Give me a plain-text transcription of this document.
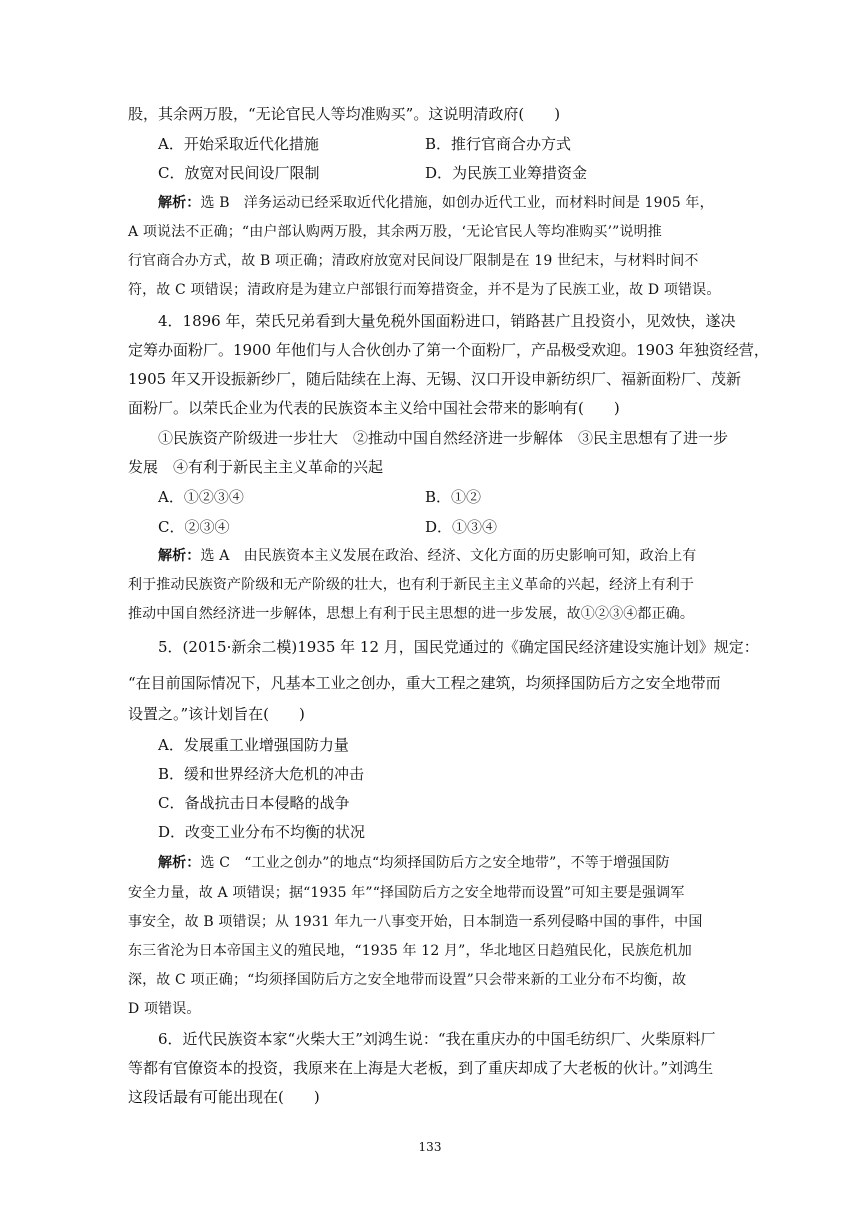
股，其余两万股，“无论官民人等均准购买”。这说明清政府(　　)
A．开始采取近代化措施	B．推行官商合办方式
C．放宽对民间设厂限制	D．为民族工业筹措资金
解析：选 B　洋务运动已经采取近代化措施，如创办近代工业，而材料时间是 1905 年，
A 项说法不正确；“由户部认购两万股，其余两万股，‘无论官民人等均准购买’”说明推
行官商合办方式，故 B 项正确；清政府放宽对民间设厂限制是在 19 世纪末，与材料时间不
符，故 C 项错误；清政府是为建立户部银行而筹措资金，并不是为了民族工业，故 D 项错误。
4．1896 年，荣氏兄弟看到大量免税外国面粉进口，销路甚广且投资小，见效快，遂决
定筹办面粉厂。1900 年他们与人合伙创办了第一个面粉厂，产品极受欢迎。1903 年独资经营，
1905 年又开设振新纱厂，随后陆续在上海、无锡、汉口开设申新纺织厂、福新面粉厂、茂新
面粉厂。以荣氏企业为代表的民族资本主义给中国社会带来的影响有(　　)
①民族资产阶级进一步壮大　②推动中国自然经济进一步解体　③民主思想有了进一步
发展　④有利于新民主主义革命的兴起
A．①②③④	B．①②
C．②③④	D．①③④
解析：选 A　由民族资本主义发展在政治、经济、文化方面的历史影响可知，政治上有
利于推动民族资产阶级和无产阶级的壮大，也有利于新民主主义革命的兴起，经济上有利于
推动中国自然经济进一步解体，思想上有利于民主思想的进一步发展，故①②③④都正确。
5．(2015·新余二模)1935 年 12 月，国民党通过的《确定国民经济建设实施计划》规定：
“在目前国际情况下，凡基本工业之创办，重大工程之建筑，均须择国防后方之安全地带而
设置之。”该计划旨在(　　)
A．发展重工业增强国防力量
B．缓和世界经济大危机的冲击
C．备战抗击日本侵略的战争
D．改变工业分布不均衡的状况
解析：选 C　“工业之创办”的地点“均须择国防后方之安全地带”，不等于增强国防
安全力量，故 A 项错误；据“1935 年”“择国防后方之安全地带而设置”可知主要是强调军
事安全，故 B 项错误；从 1931 年九一八事变开始，日本制造一系列侵略中国的事件，中国
东三省沦为日本帝国主义的殖民地，“1935 年 12 月”，华北地区日趋殖民化，民族危机加
深，故 C 项正确；“均须择国防后方之安全地带而设置”只会带来新的工业分布不均衡，故
D 项错误。
6．近代民族资本家“火柴大王”刘鸿生说：“我在重庆办的中国毛纺织厂、火柴原料厂
等都有官僚资本的投资，我原来在上海是大老板，到了重庆却成了大老板的伙计。”刘鸿生
这段话最有可能出现在(　　)
133
